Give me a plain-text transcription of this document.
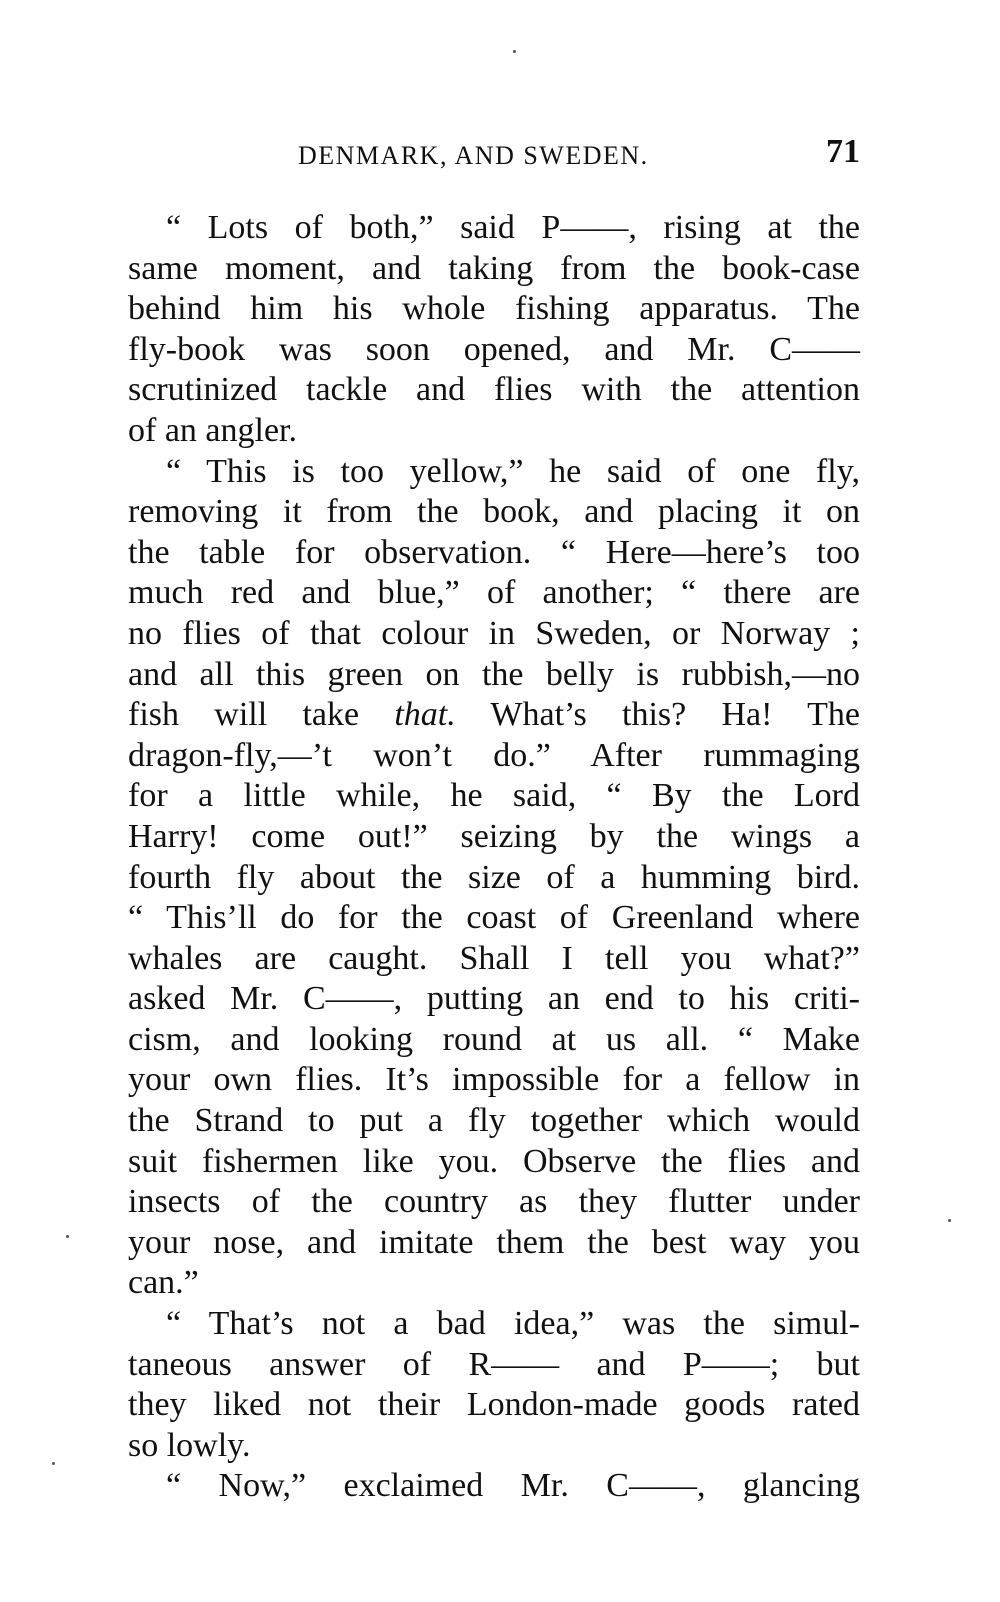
DENMARK, AND SWEDEN.	71

“ Lots of both,” said P——, rising at the
same moment, and taking from the book-case
behind him his whole fishing apparatus. The
fly-book was soon opened, and Mr. C——
scrutinized tackle and flies with the attention
of an angler.

“ This is too yellow,” he said of one fly,
removing it from the book, and placing it on
the table for observation. “ Here—here’s too
much red and blue,” of another; “ there are
no flies of that colour in Sweden, or Norway ;
and all this green on the belly is rubbish,—no
fish will take that. What’s this? Ha! The
dragon-fly,—’t won’t do.” After rummaging
for a little while, he said, “ By the Lord
Harry! come out!” seizing by the wings a
fourth fly about the size of a humming bird.
“ This’ll do for the coast of Greenland where
whales are caught. Shall I tell you what?”
asked Mr. C——, putting an end to his criti-
cism, and looking round at us all. “ Make
your own flies. It’s impossible for a fellow in
the Strand to put a fly together which would
suit fishermen like you. Observe the flies and
insects of the country as they flutter under
your nose, and imitate them the best way you
can.”

“ That’s not a bad idea,” was the simul-
taneous answer of R—— and P——; but
they liked not their London-made goods rated
so lowly.

“ Now,” exclaimed Mr. C——, glancing
